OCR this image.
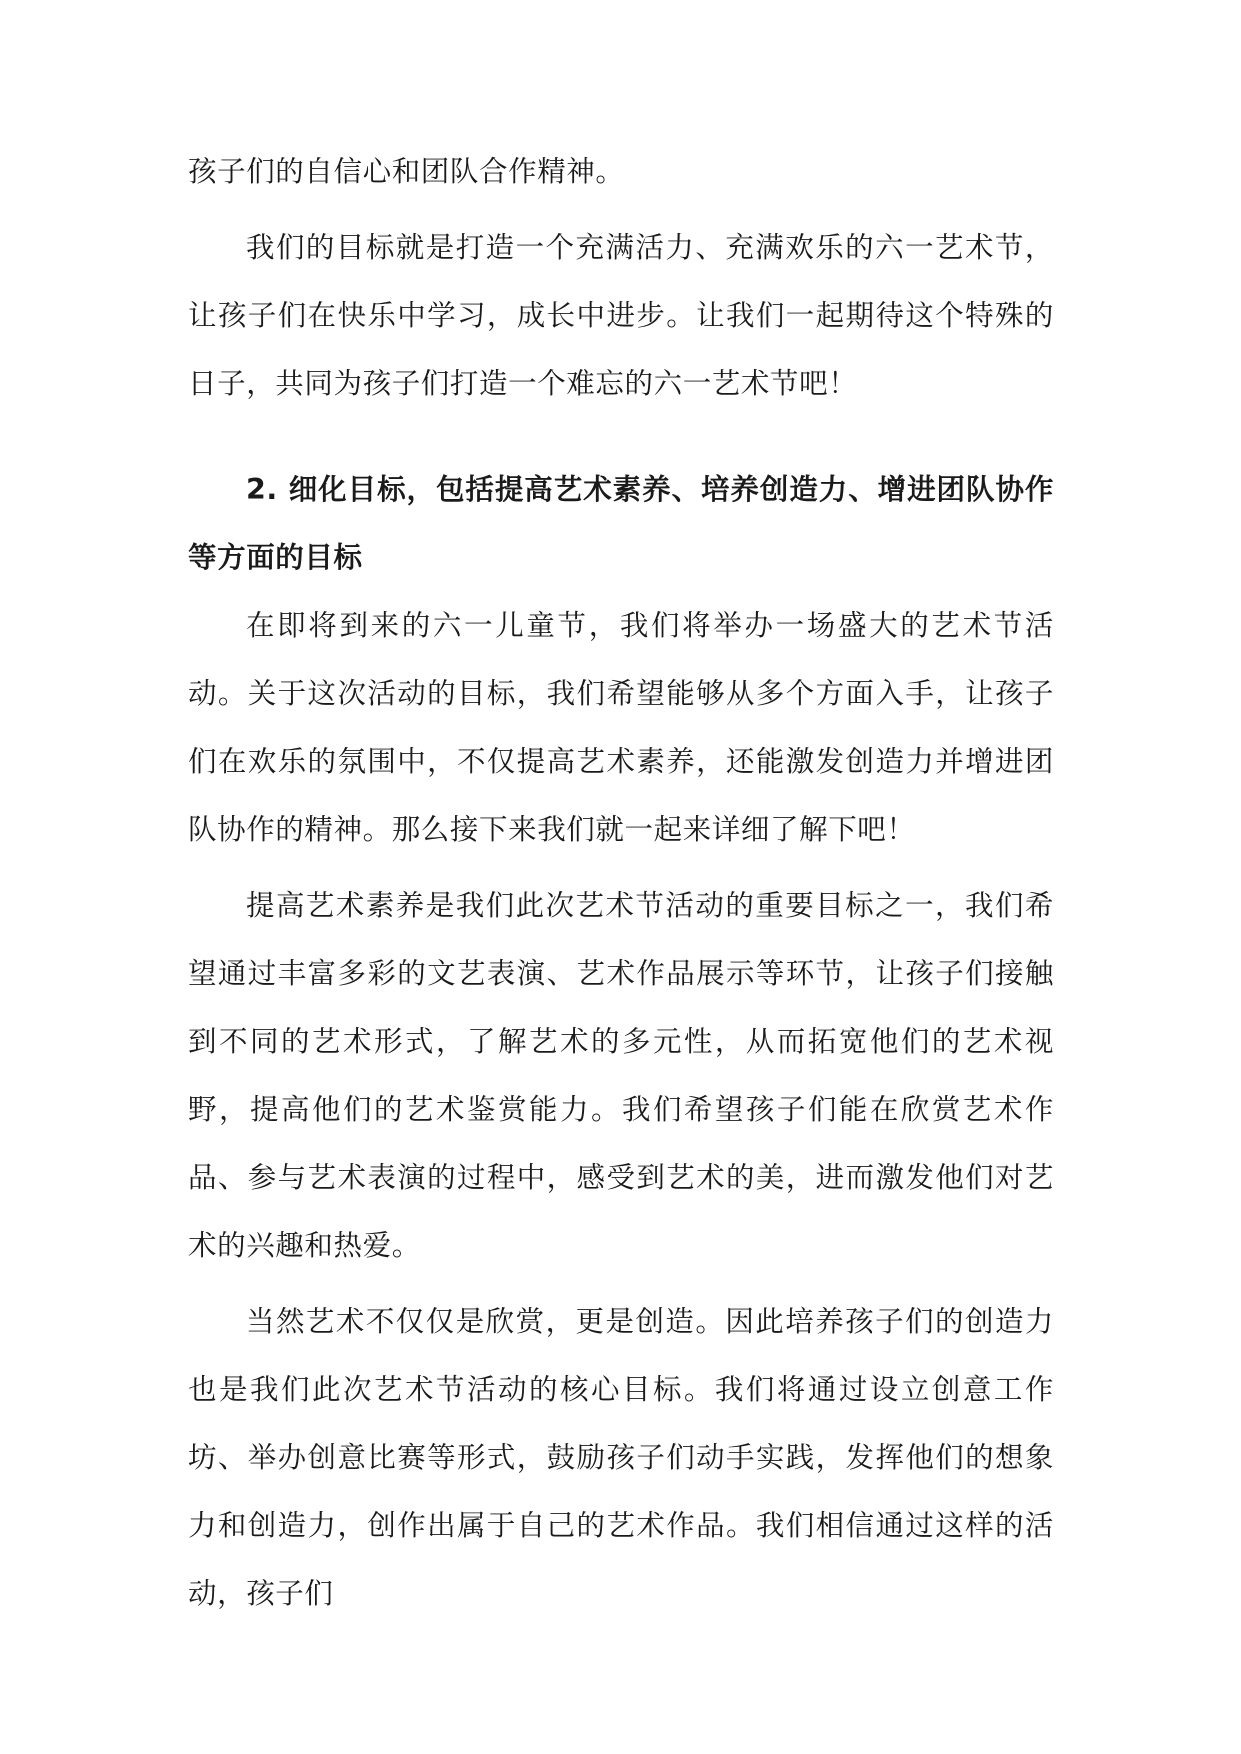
孩子们的自信心和团队合作精神。

我们的目标就是打造一个充满活力、充满欢乐的六一艺术节，让孩子们在快乐中学习，成长中进步。让我们一起期待这个特殊的日子，共同为孩子们打造一个难忘的六一艺术节吧！

2. 细化目标，包括提高艺术素养、培养创造力、增进团队协作等方面的目标

在即将到来的六一儿童节，我们将举办一场盛大的艺术节活动。关于这次活动的目标，我们希望能够从多个方面入手，让孩子们在欢乐的氛围中，不仅提高艺术素养，还能激发创造力并增进团队协作的精神。那么接下来我们就一起来详细了解下吧！

提高艺术素养是我们此次艺术节活动的重要目标之一，我们希望通过丰富多彩的文艺表演、艺术作品展示等环节，让孩子们接触到不同的艺术形式，了解艺术的多元性，从而拓宽他们的艺术视野，提高他们的艺术鉴赏能力。我们希望孩子们能在欣赏艺术作品、参与艺术表演的过程中，感受到艺术的美，进而激发他们对艺术的兴趣和热爱。

当然艺术不仅仅是欣赏，更是创造。因此培养孩子们的创造力也是我们此次艺术节活动的核心目标。我们将通过设立创意工作坊、举办创意比赛等形式，鼓励孩子们动手实践，发挥他们的想象力和创造力，创作出属于自己的艺术作品。我们相信通过这样的活动，孩子们
